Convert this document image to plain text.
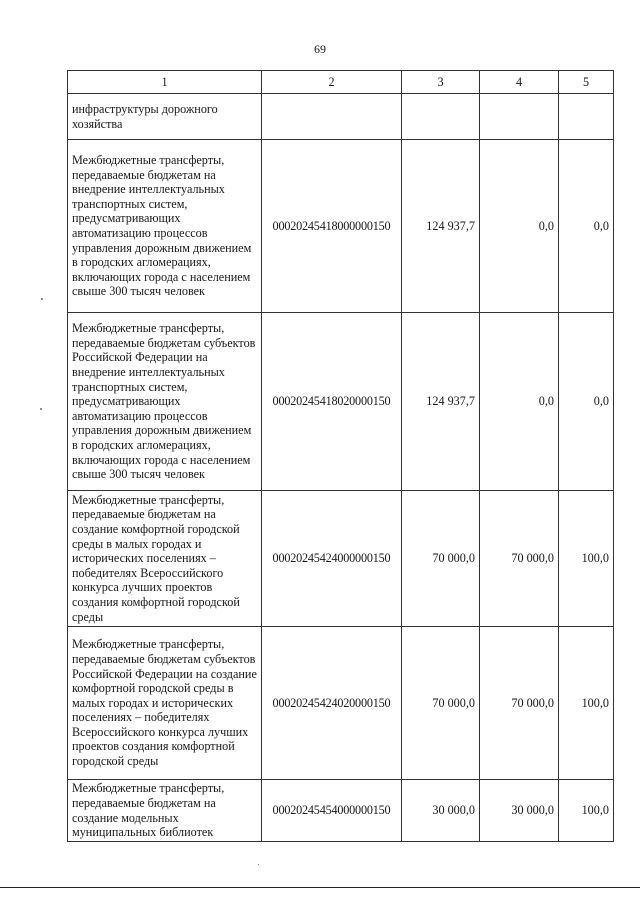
69
1	2	3	4	5
инфраструктуры дорожного хозяйства				
Межбюджетные трансферты, передаваемые бюджетам на внедрение интеллектуальных транспортных систем, предусматривающих автоматизацию процессов управления дорожным движением в городских агломерациях, включающих города с населением свыше 300 тысяч человек	00020245418000000150	124 937,7	0,0	0,0
Межбюджетные трансферты, передаваемые бюджетам субъектов Российской Федерации на внедрение интеллектуальных транспортных систем, предусматривающих автоматизацию процессов управления дорожным движением в городских агломерациях, включающих города с населением свыше 300 тысяч человек	00020245418020000150	124 937,7	0,0	0,0
Межбюджетные трансферты, передаваемые бюджетам на создание комфортной городской среды в малых городах и исторических поселениях – победителях Всероссийского конкурса лучших проектов создания комфортной городской среды	00020245424000000150	70 000,0	70 000,0	100,0
Межбюджетные трансферты, передаваемые бюджетам субъектов Российской Федерации на создание комфортной городской среды в малых городах и исторических поселениях – победителях Всероссийского конкурса лучших проектов создания комфортной городской среды	00020245424020000150	70 000,0	70 000,0	100,0
Межбюджетные трансферты, передаваемые бюджетам на создание модельных муниципальных библиотек	00020245454000000150	30 000,0	30 000,0	100,0
